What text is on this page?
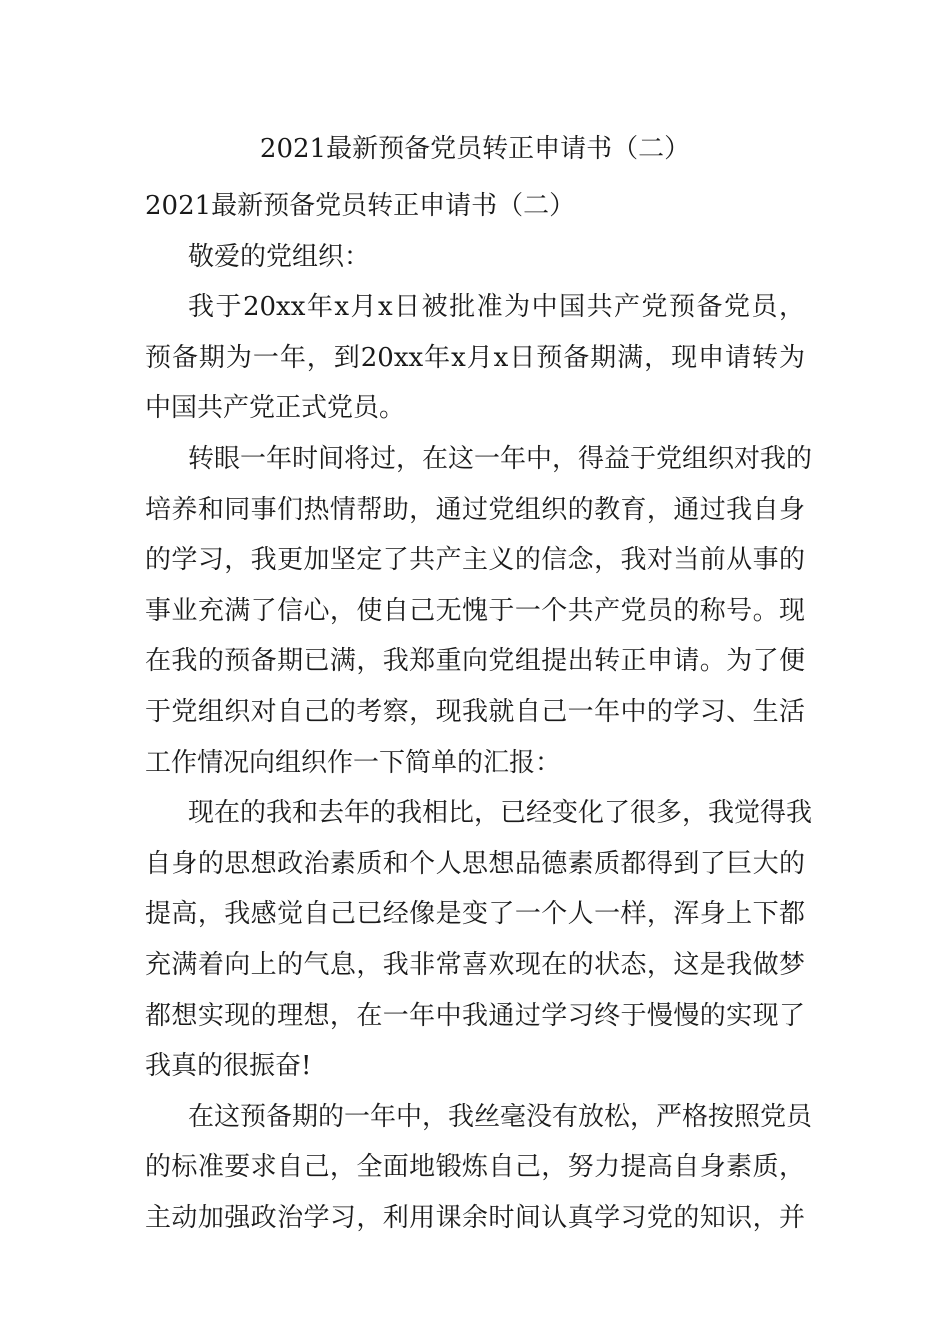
2021最新预备党员转正申请书（二）
2021最新预备党员转正申请书（二）
敬爱的党组织：
我于20xx年x月x日被批准为中国共产党预备党员，
预备期为一年，到20xx年x月x日预备期满，现申请转为
中国共产党正式党员。
转眼一年时间将过，在这一年中，得益于党组织对我的
培养和同事们热情帮助，通过党组织的教育，通过我自身
的学习，我更加坚定了共产主义的信念，我对当前从事的
事业充满了信心，使自己无愧于一个共产党员的称号。现
在我的预备期已满，我郑重向党组提出转正申请。为了便
于党组织对自己的考察，现我就自己一年中的学习、生活
工作情况向组织作一下简单的汇报：
现在的我和去年的我相比，已经变化了很多，我觉得我
自身的思想政治素质和个人思想品德素质都得到了巨大的
提高，我感觉自己已经像是变了一个人一样，浑身上下都
充满着向上的气息，我非常喜欢现在的状态，这是我做梦
都想实现的理想，在一年中我通过学习终于慢慢的实现了
我真的很振奋!
在这预备期的一年中，我丝毫没有放松，严格按照党员
的标准要求自己，全面地锻炼自己，努力提高自身素质，
主动加强政治学习，利用课余时间认真学习党的知识，并
